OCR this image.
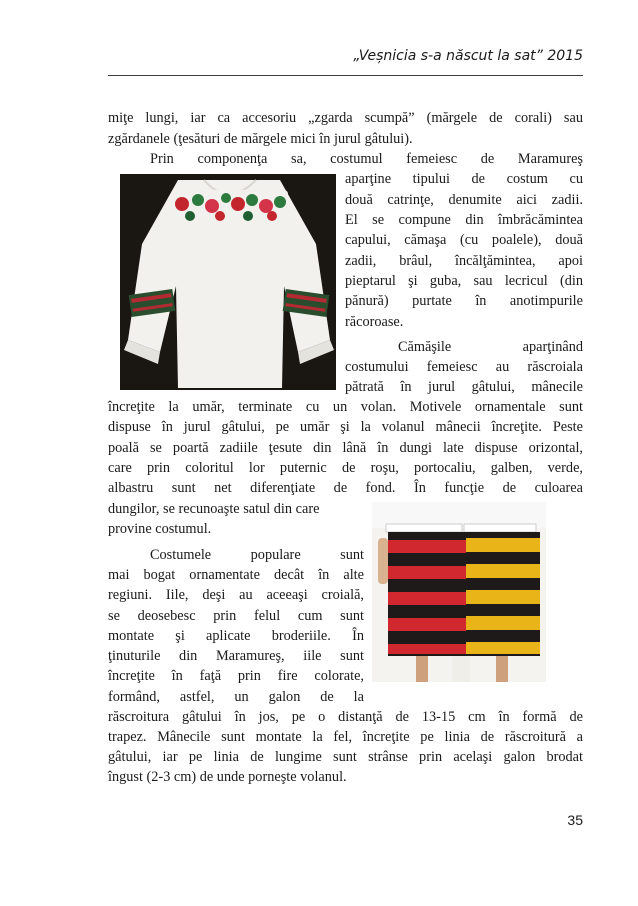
„Veșnicia s-a născut la sat” 2015
miţe lungi, iar ca accesoriu „zgarda scumpă” (mărgele de corali) sau
zgărdanele (ţesături de mărgele mici în jurul gâtului).
Prin componenţa sa, costumul femeiesc de Maramureş
aparţine tipului de costum cu
două catrinţe, denumite aici zadii.
El se compune din îmbrăcămintea
capului, cămaşa (cu poalele), două
zadii, brâul, încălţămintea, apoi
pieptarul şi guba, sau lecricul (din
pănură) purtate în anotimpurile
răcoroase.
Cămăşile aparţinând
costumului femeiesc au răscroiala
pătrată în jurul gâtului, mânecile
încreţite la umăr, terminate cu un volan. Motivele ornamentale sunt
dispuse în jurul gâtului, pe umăr şi la volanul mânecii încreţite. Peste
poală se poartă zadiile ţesute din lână în dungi late dispuse orizontal,
care prin coloritul lor puternic de roşu, portocaliu, galben, verde,
albastru sunt net diferenţiate de fond. În funcţie de culoarea
dungilor, se recunoaşte satul din care
provine costumul.
Costumele populare sunt
mai bogat ornamentate decât în alte
regiuni. Iile, deşi au aceeaşi croială,
se deosebesc prin felul cum sunt
montate şi aplicate broderiile. În
ţinuturile din Maramureş, iile sunt
încreţite în faţă prin fire colorate,
formând, astfel, un galon de la
răscroitura gâtului în jos, pe o distanţă de 13-15 cm în formă de
trapez. Mânecile sunt montate la fel, încreţite pe linia de răscroitură a
gâtului, iar pe linia de lungime sunt strânse prin acelaşi galon brodat
îngust (2-3 cm) de unde porneşte volanul.
35
